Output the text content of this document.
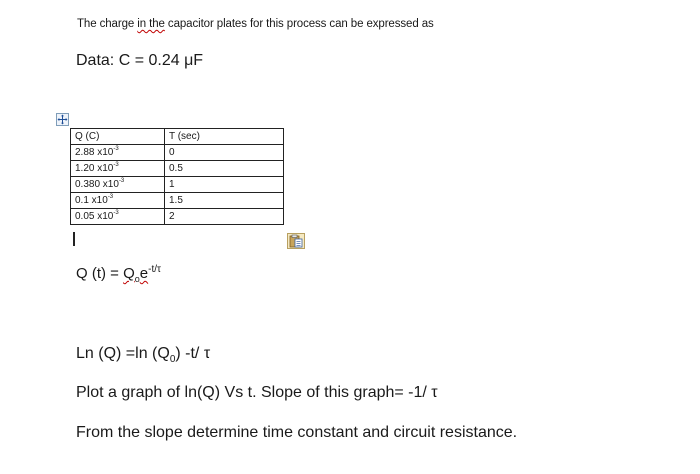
The charge in the capacitor plates for this process can be expressed as
Data: C = 0.24 μF
Q (C)	T (sec)
2.88 $x10^{-3}$	0
1.20 $x10^{-3}$	0.5
0.380 $x10^{-3}$	1
0.1 $x10^{-3}$	1.5
0.05 $x10^{-3}$	2
Q $(t) = Q_oe^{-t/\tau}$
Ln (Q) =ln $(Q_0)$ -t/ τ
Plot a graph of ln(Q) Vs t. Slope of this graph= -1/ τ
From the slope determine time constant and circuit resistance.
